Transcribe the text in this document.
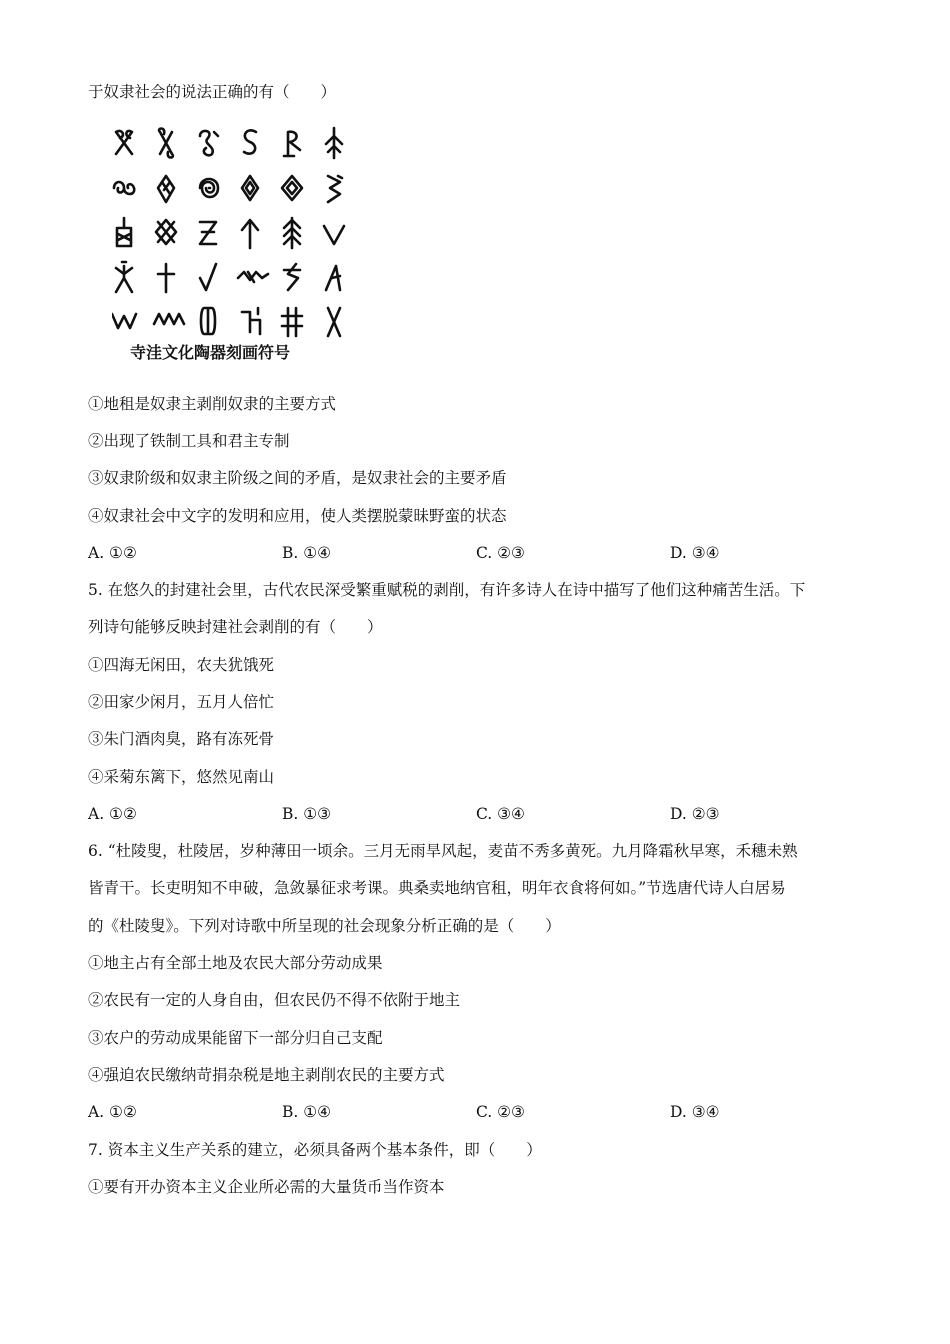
于奴隶社会的说法正确的有（　　）
寺洼文化陶器刻画符号
①地租是奴隶主剥削奴隶的主要方式
②出现了铁制工具和君主专制
③奴隶阶级和奴隶主阶级之间的矛盾，是奴隶社会的主要矛盾
④奴隶社会中文字的发明和应用，使人类摆脱蒙昧野蛮的状态
A. ①②	B. ①④	C. ②③	D. ③④
5. 在悠久的封建社会里，古代农民深受繁重赋税的剥削，有许多诗人在诗中描写了他们这种痛苦生活。下
列诗句能够反映封建社会剥削的有（　　）
①四海无闲田，农夫犹饿死
②田家少闲月，五月人倍忙
③朱门酒肉臭，路有冻死骨
④采菊东篱下，悠然见南山
A. ①②	B. ①③	C. ③④	D. ②③
6. “杜陵叟，杜陵居，岁种薄田一顷余。三月无雨旱风起，麦苗不秀多黄死。九月降霜秋早寒，禾穗未熟
皆青干。长吏明知不申破，急敛暴征求考课。典桑卖地纳官租，明年衣食将何如。”节选唐代诗人白居易
的《杜陵叟》。下列对诗歌中所呈现的社会现象分析正确的是（　　）
①地主占有全部土地及农民大部分劳动成果
②农民有一定的人身自由，但农民仍不得不依附于地主
③农户的劳动成果能留下一部分归自己支配
④强迫农民缴纳苛捐杂税是地主剥削农民的主要方式
A. ①②	B. ①④	C. ②③	D. ③④
7. 资本主义生产关系的建立，必须具备两个基本条件，即（　　）
①要有开办资本主义企业所必需的大量货币当作资本
